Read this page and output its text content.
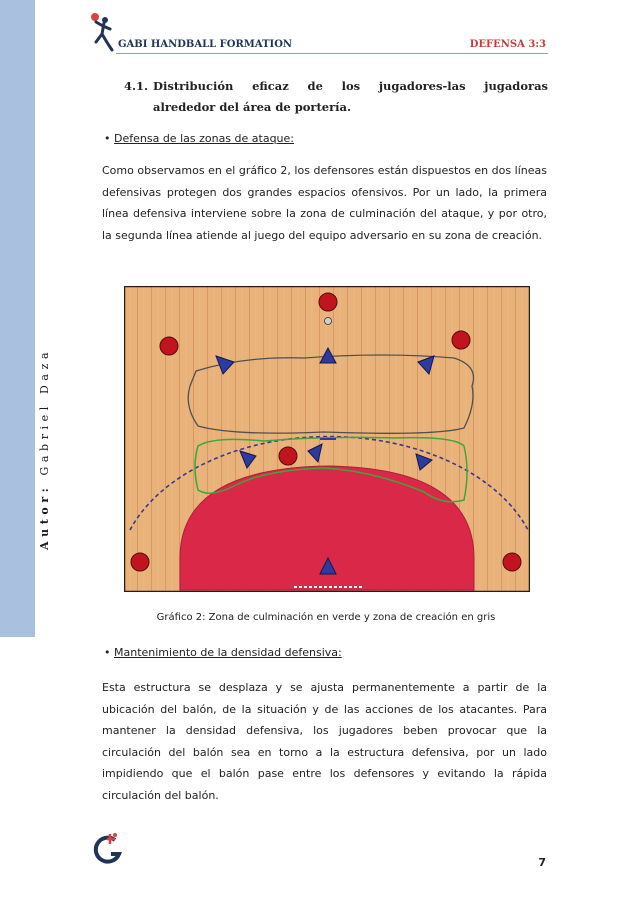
Autor: Gabriel Daza
GABI HANDBALL FORMATION	DEFENSA 3:3
4.1. Distribución eficaz de los jugadores-las jugadoras
alrededor del área de portería.
• Defensa de las zonas de ataque:

Como observamos en el gráfico 2, los defensores están dispuestos en dos líneas defensivas protegen dos grandes espacios ofensivos. Por un lado, la primera línea defensiva interviene sobre la zona de culminación del ataque, y por otro, la segunda línea atiende al juego del equipo adversario en su zona de creación.

Gráfico 2: Zona de culminación en verde y zona de creación en gris
• Mantenimiento de la densidad defensiva:

Esta estructura se desplaza y se ajusta permanentemente a partir de la ubicación del balón, de la situación y de las acciones de los atacantes. Para mantener la densidad defensiva, los jugadores beben provocar que la circulación del balón sea en torno a la estructura defensiva, por un lado impidiendo que el balón pase entre los defensores y evitando la rápida circulación del balón.

7
